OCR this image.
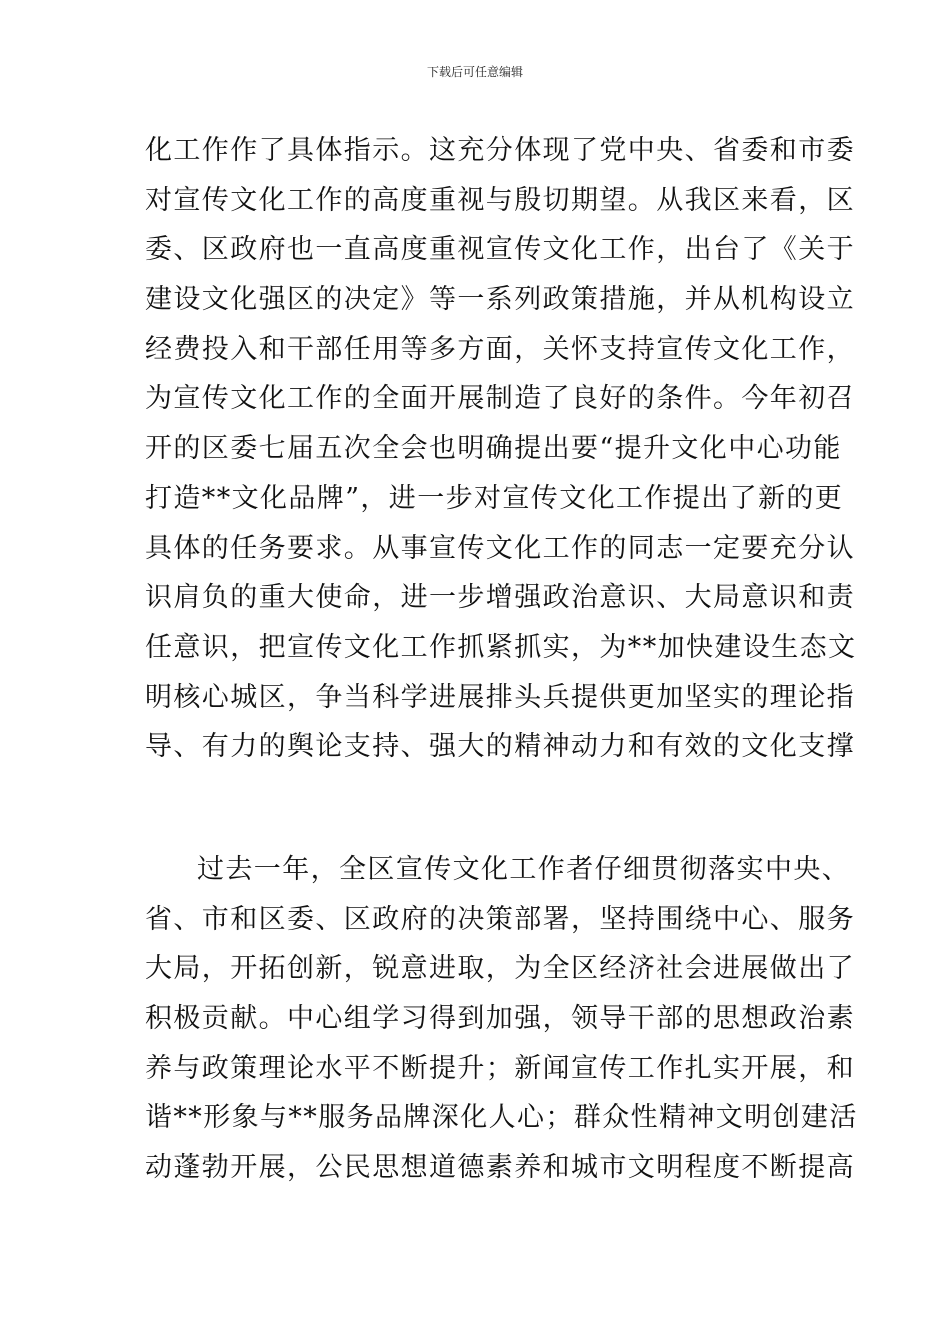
下载后可任意编辑
化工作作了具体指示。这充分体现了党中央、省委和市委
对宣传文化工作的高度重视与殷切期望。从我区来看，区
委、区政府也一直高度重视宣传文化工作，出台了《关于
建设文化强区的决定》等一系列政策措施，并从机构设立
经费投入和干部任用等多方面，关怀支持宣传文化工作，
为宣传文化工作的全面开展制造了良好的条件。今年初召
开的区委七届五次全会也明确提出要“提升文化中心功能
打造**文化品牌”，进一步对宣传文化工作提出了新的更
具体的任务要求。从事宣传文化工作的同志一定要充分认
识肩负的重大使命，进一步增强政治意识、大局意识和责
任意识，把宣传文化工作抓紧抓实，为**加快建设生态文
明核心城区，争当科学进展排头兵提供更加坚实的理论指
导、有力的舆论支持、强大的精神动力和有效的文化支撑
过去一年，全区宣传文化工作者仔细贯彻落实中央、
省、市和区委、区政府的决策部署，坚持围绕中心、服务
大局，开拓创新，锐意进取，为全区经济社会进展做出了
积极贡献。中心组学习得到加强，领导干部的思想政治素
养与政策理论水平不断提升；新闻宣传工作扎实开展，和
谐**形象与**服务品牌深化人心；群众性精神文明创建活
动蓬勃开展，公民思想道德素养和城市文明程度不断提高
